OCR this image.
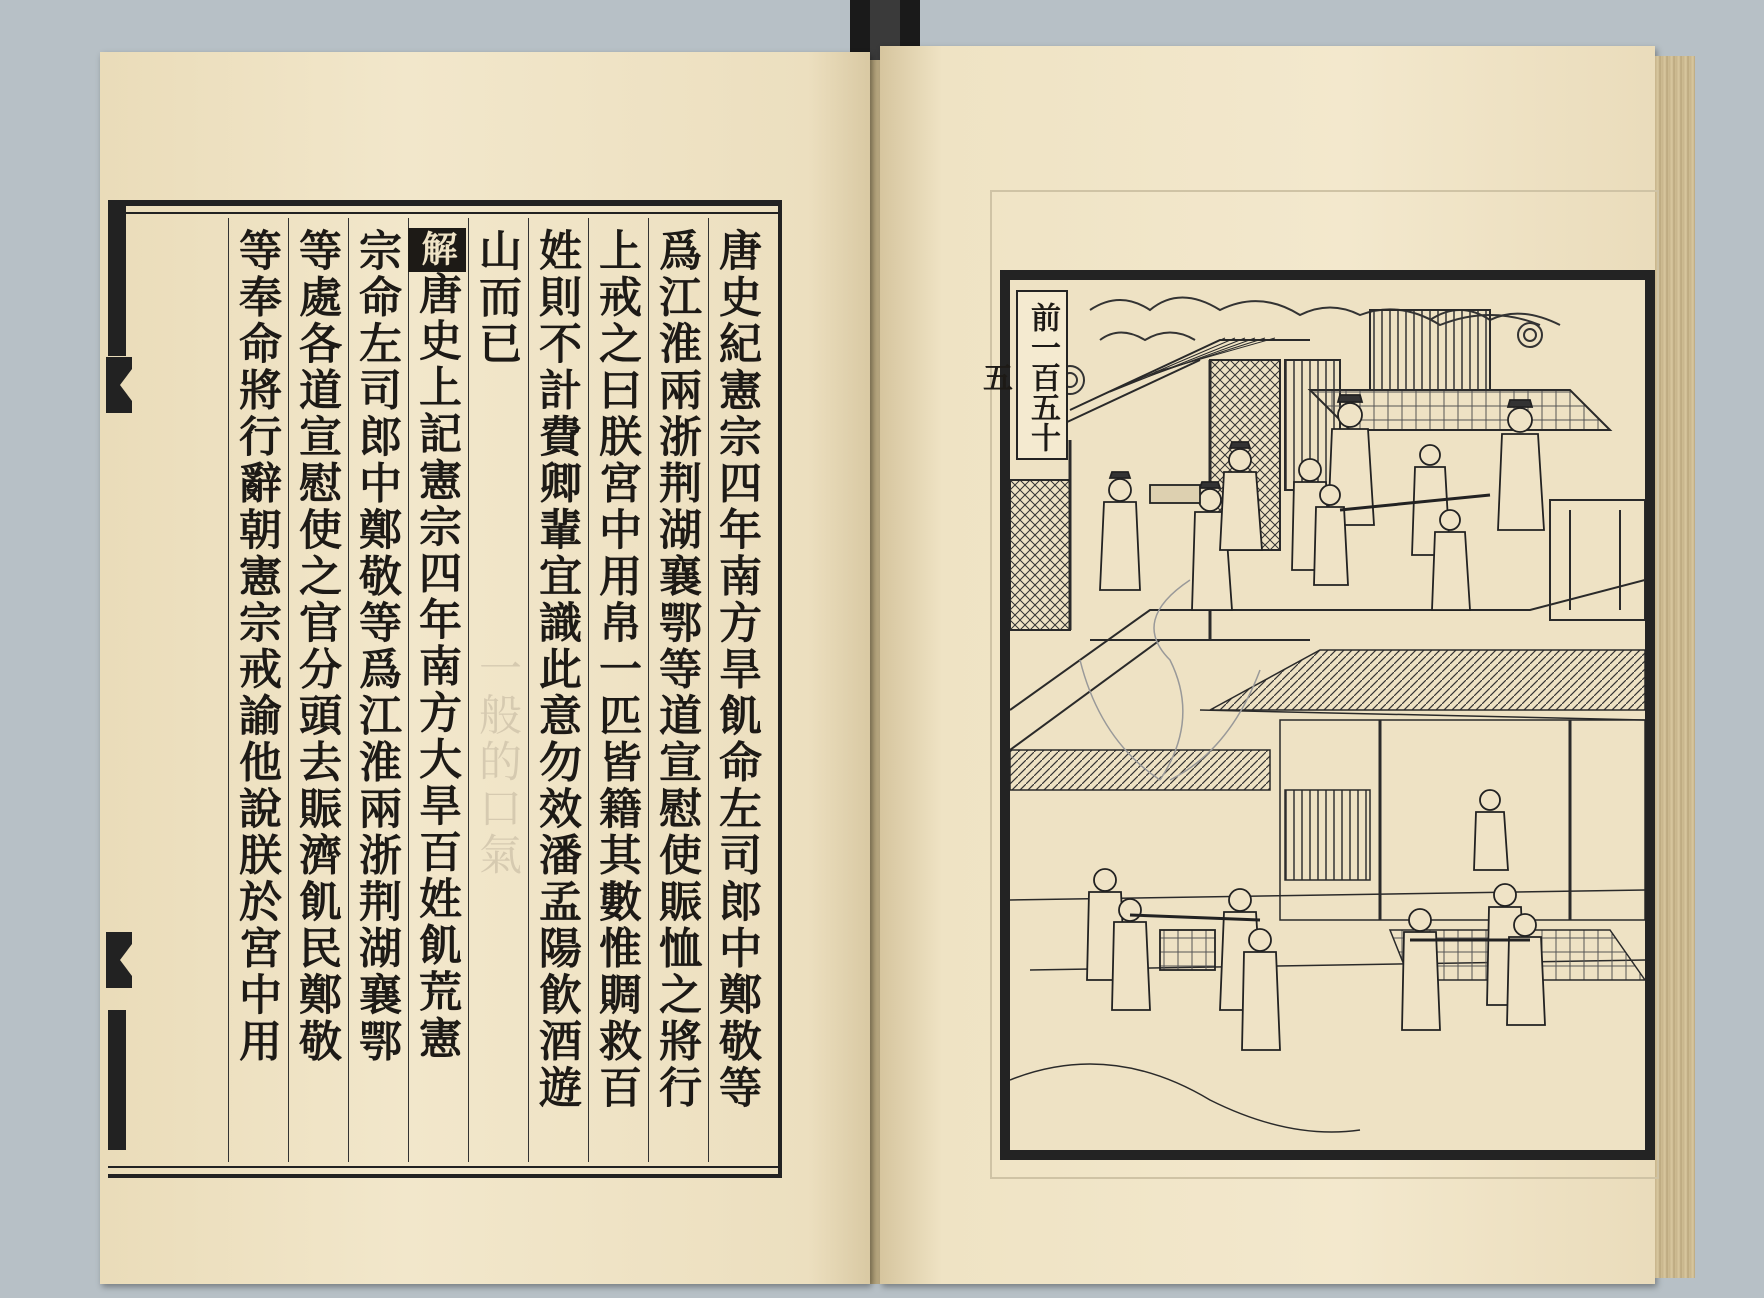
唐史紀憲宗四年南方旱飢命左司郎中鄭敬等
爲江淮兩浙荆湖襄鄂等道宣慰使賑恤之將行
上戒之曰朕宮中用帛一匹皆籍其數惟賙救百
姓則不計費卿輩宜識此意勿效潘孟陽飮酒遊
山而已
解唐史上記憲宗四年南方大旱百姓飢荒憲
宗命左司郎中鄭敬等爲江淮兩浙荆湖襄鄂
等處各道宣慰使之官分頭去賑濟飢民鄭敬
等奉命將行辭朝憲宗戒諭他說朕於宮中用	一般的口氣
前一百五十五
